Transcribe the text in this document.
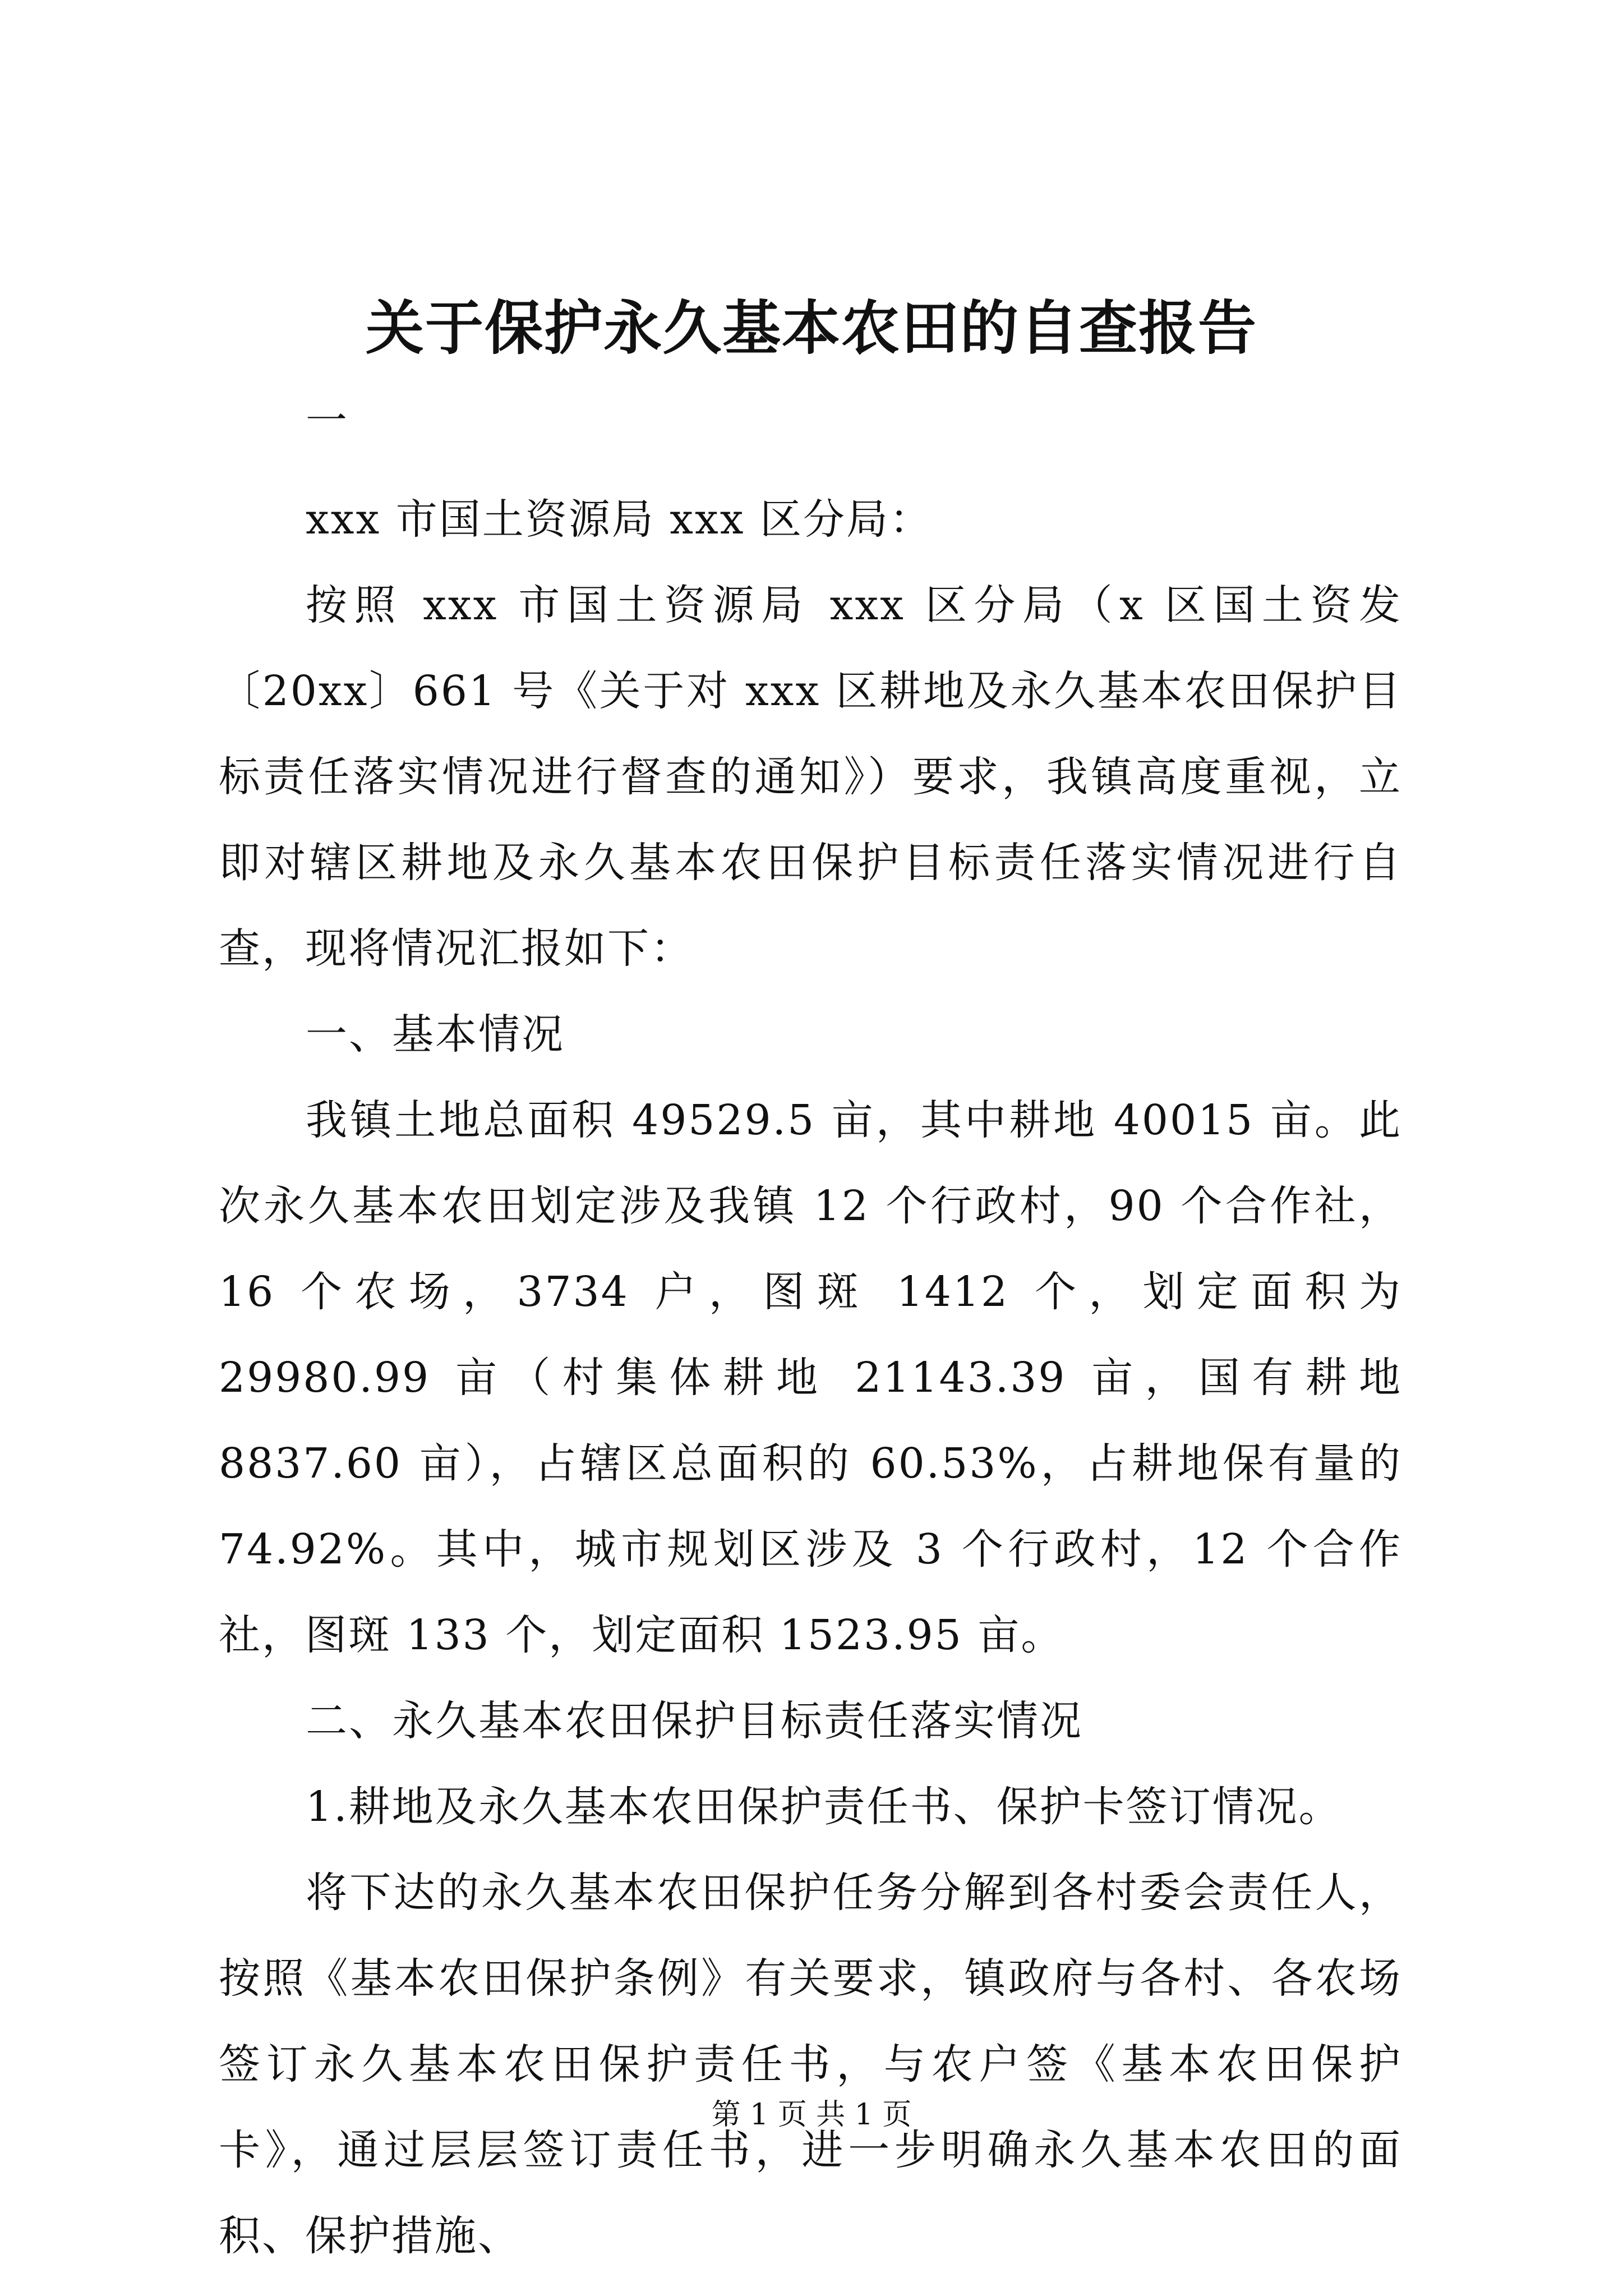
关于保护永久基本农田的自查报告
一

xxx 市国土资源局 xxx 区分局：

按照 xxx 市国土资源局 xxx 区分局（x 区国土资发〔20xx〕661 号《关于对 xxx 区耕地及永久基本农田保护目标责任落实情况进行督查的通知》）要求，我镇高度重视，立即对辖区耕地及永久基本农田保护目标责任落实情况进行自查，现将情况汇报如下：

一、基本情况

我镇土地总面积 49529.5 亩，其中耕地 40015 亩。此次永久基本农田划定涉及我镇 12 个行政村，90 个合作社，16 个农场，3734 户，图斑 1412 个，划定面积为 29980.99 亩（村集体耕地 21143.39 亩，国有耕地 8837.60 亩），占辖区总面积的 60.53%，占耕地保有量的 74.92%。其中，城市规划区涉及 3 个行政村，12 个合作社，图斑 133 个，划定面积 1523.95 亩。

二、永久基本农田保护目标责任落实情况

1.耕地及永久基本农田保护责任书、保护卡签订情况。

将下达的永久基本农田保护任务分解到各村委会责任人，按照《基本农田保护条例》有关要求，镇政府与各村、各农场签订永久基本农田保护责任书，与农户签《基本农田保护卡》，通过层层签订责任书，进一步明确永久基本农田的面积、保护措施、

第 1 页 共 1 页
